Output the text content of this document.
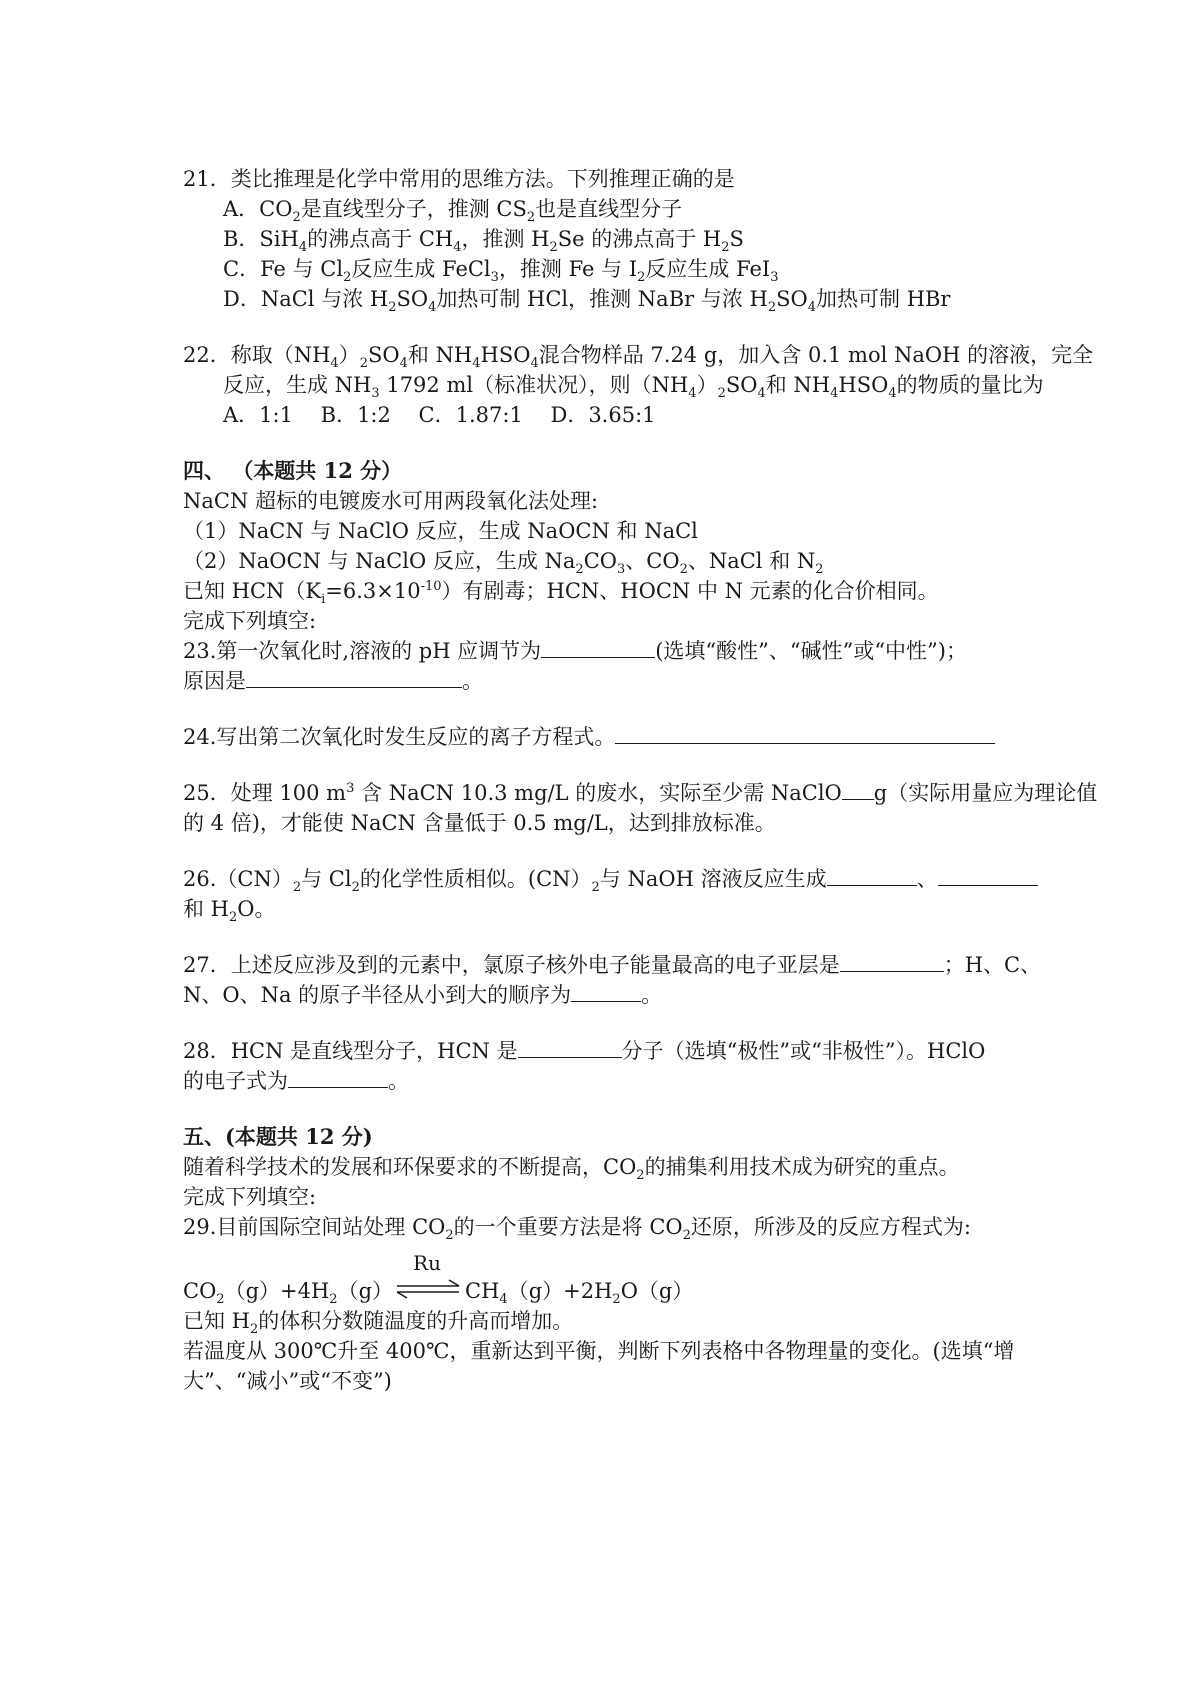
21．类比推理是化学中常用的思维方法。下列推理正确的是
A．$CO_2$是直线型分子，推测 $CS_2$也是直线型分子
B．SiH$_4$的沸点高于 $CH_4$，推测 $H_2Se$ 的沸点高于 $H_2S$
C．Fe 与 $Cl_2$反应生成 FeCl$_3$，推测 Fe 与 $I_2$反应生成 FeI$_3$
D．NaCl 与浓 $H_2SO_4$加热可制 HCl，推测 NaBr 与浓 $H_2SO_4$加热可制 HBr
22．称取$(NH_4)_2SO_4$和 $NH_4HSO_4$混合物样品 7.24 g，加入含 0.1 mol NaOH 的溶液，完全
反应，生成 $NH_3$ 1792 ml（标准状况），则$(NH_4)_2SO_4$和 $NH_4HSO_4$的物质的量比为
A．1:1　 B．1:2　 C．1.87:1　 D．3.65:1
四、 （本题共 12 分）
NaCN 超标的电镀废水可用两段氧化法处理:
（1）NaCN 与 NaClO 反应，生成 NaOCN 和 NaCl
（2）NaOCN 与 NaClO 反应，生成 $Na_2CO_3$、$CO_2$、NaCl 和 $N_2$
已知 $HCN(K_i=6.3\times 10^{-10})$有剧毒；HCN、HOCN 中 N 元素的化合价相同。
完成下列填空:
23.第一次氧化时,溶液的 pH 应调节为	(选填“酸性”、“碱性”或“中性”)；
原因是	。
24.写出第二次氧化时发生反应的离子方程式。
25．处理 100 $m^3$ 含 NaCN 10.3 mg/L 的废水，实际至少需 NaClO g（实际用量应为理论值
的 4 倍)，才能使 NaCN 含量低于 0.5 mg/L，达到排放标准。
$26.(CN)_2$与 $Cl_2$的化学性质相似。$(CN)_2$与 NaOH 溶液反应生成	、
和 $H_2O$。
27．上述反应涉及到的元素中，氯原子核外电子能量最高的电子亚层是	；H、C、
N、O、Na 的原子半径从小到大的顺序为	。
28．HCN 是直线型分子，HCN 是	分子（选填“极性”或“非极性”）。HClO
的电子式为	。
五、(本题共 12 分)
随着科学技术的发展和环保要求的不断提高，$CO_2$的捕集利用技术成为研究的重点。
完成下列填空:
29.目前国际空间站处理 $CO_2$的一个重要方法是将 $CO_2$还原，所涉及的反应方程式为:
$CO_2(g)+4H_2(g)$
Ru
$CH_4(g)+2H_2O(g)$
已知 $H_2$的体积分数随温度的升高而增加。
若温度从 300℃升至 400℃，重新达到平衡，判断下列表格中各物理量的变化。(选填“增
大”、“减小”或“不变”)
